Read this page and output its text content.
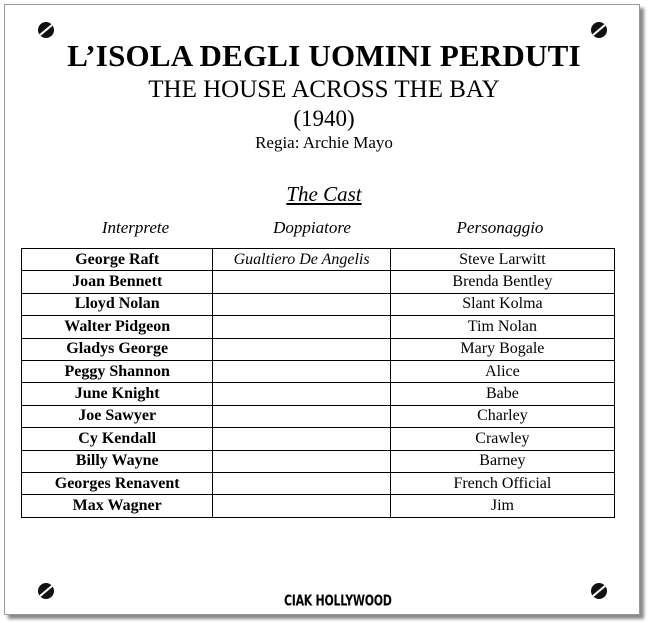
L’ISOLA DEGLI UOMINI PERDUTI
THE HOUSE ACROSS THE BAY
(1940)
Regia: Archie Mayo
The Cast
Interprete	Doppiatore	Personaggio
George Raft	Gualtiero De Angelis	Steve Larwitt
Joan Bennett		Brenda Bentley
Lloyd Nolan		Slant Kolma
Walter Pidgeon		Tim Nolan
Gladys George		Mary Bogale
Peggy Shannon		Alice
June Knight		Babe
Joe Sawyer		Charley
Cy Kendall		Crawley
Billy Wayne		Barney
Georges Renavent		French Official
Max Wagner		Jim
CIAK HOLLYWOOD
